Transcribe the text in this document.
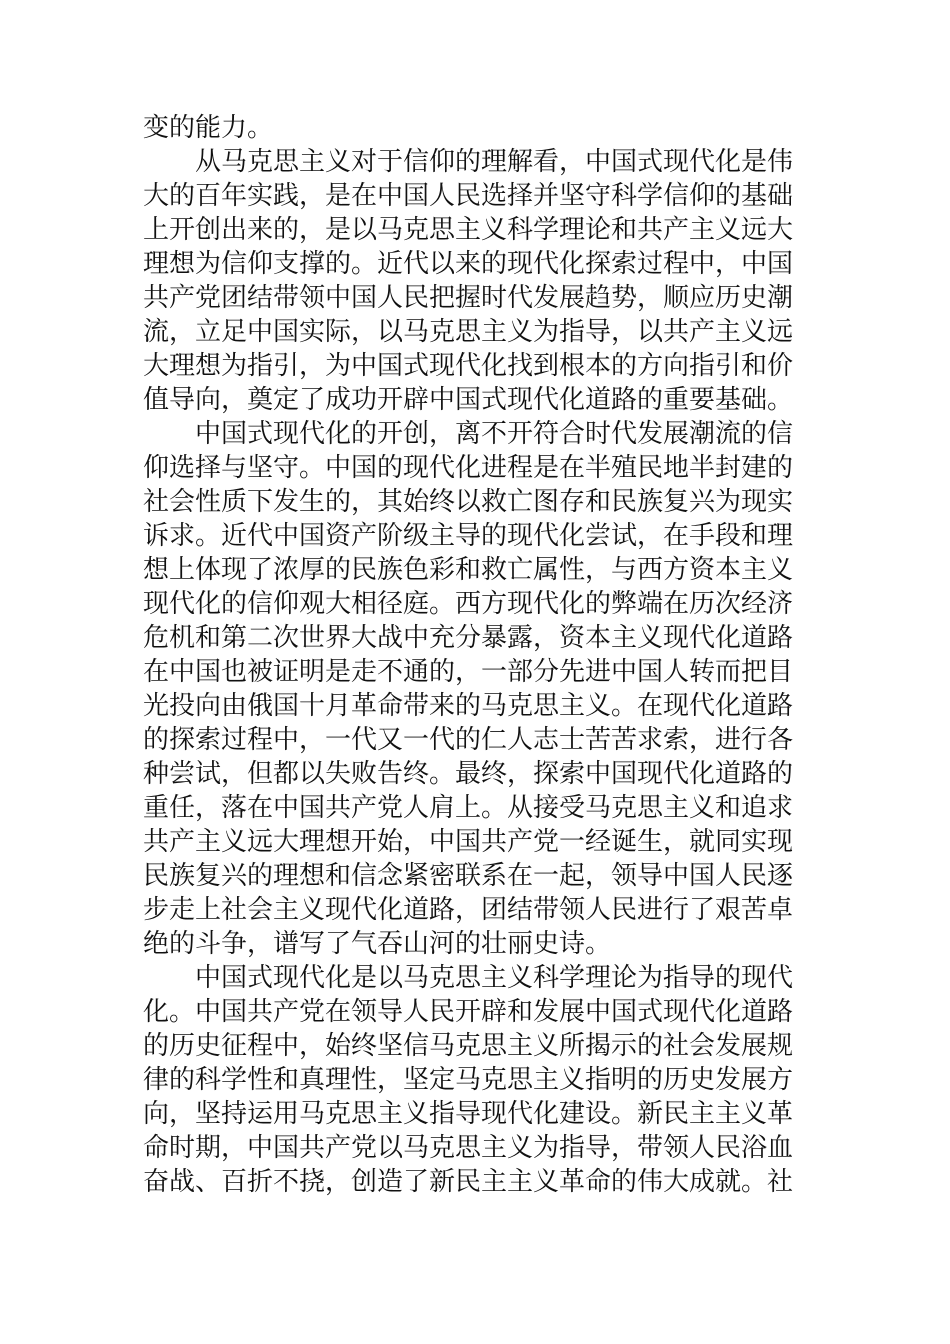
变的能力。
从马克思主义对于信仰的理解看，中国式现代化是伟
大的百年实践，是在中国人民选择并坚守科学信仰的基础
上开创出来的，是以马克思主义科学理论和共产主义远大
理想为信仰支撑的。近代以来的现代化探索过程中，中国
共产党团结带领中国人民把握时代发展趋势，顺应历史潮
流，立足中国实际，以马克思主义为指导，以共产主义远
大理想为指引，为中国式现代化找到根本的方向指引和价
值导向，奠定了成功开辟中国式现代化道路的重要基础。
中国式现代化的开创，离不开符合时代发展潮流的信
仰选择与坚守。中国的现代化进程是在半殖民地半封建的
社会性质下发生的，其始终以救亡图存和民族复兴为现实
诉求。近代中国资产阶级主导的现代化尝试，在手段和理
想上体现了浓厚的民族色彩和救亡属性，与西方资本主义
现代化的信仰观大相径庭。西方现代化的弊端在历次经济
危机和第二次世界大战中充分暴露，资本主义现代化道路
在中国也被证明是走不通的，一部分先进中国人转而把目
光投向由俄国十月革命带来的马克思主义。在现代化道路
的探索过程中，一代又一代的仁人志士苦苦求索，进行各
种尝试，但都以失败告终。最终，探索中国现代化道路的
重任，落在中国共产党人肩上。从接受马克思主义和追求
共产主义远大理想开始，中国共产党一经诞生，就同实现
民族复兴的理想和信念紧密联系在一起，领导中国人民逐
步走上社会主义现代化道路，团结带领人民进行了艰苦卓
绝的斗争，谱写了气吞山河的壮丽史诗。
中国式现代化是以马克思主义科学理论为指导的现代
化。中国共产党在领导人民开辟和发展中国式现代化道路
的历史征程中，始终坚信马克思主义所揭示的社会发展规
律的科学性和真理性，坚定马克思主义指明的历史发展方
向，坚持运用马克思主义指导现代化建设。新民主主义革
命时期，中国共产党以马克思主义为指导，带领人民浴血
奋战、百折不挠，创造了新民主主义革命的伟大成就。社
